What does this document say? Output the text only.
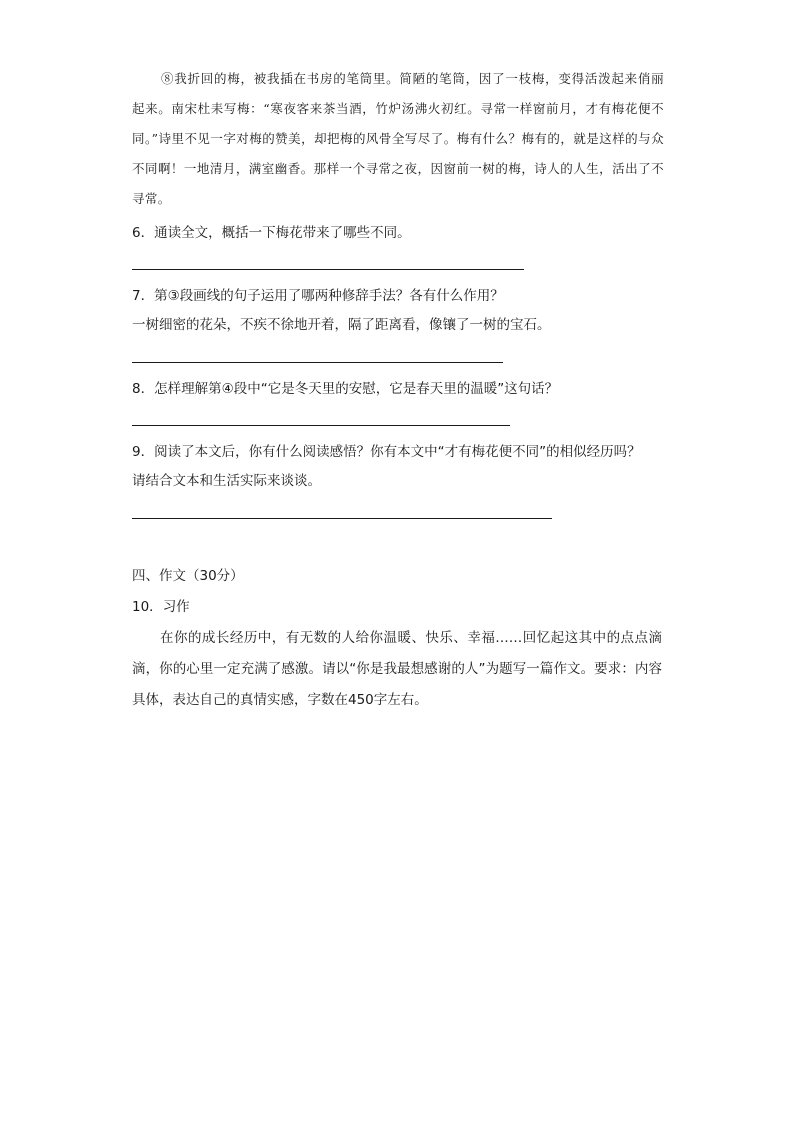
⑧我折回的梅，被我插在书房的笔筒里。简陋的笔筒，因了一枝梅，变得活泼起来俏丽起来。南宋杜耒写梅：“寒夜客来茶当酒，竹炉汤沸火初红。寻常一样窗前月，才有梅花便不同。”诗里不见一字对梅的赞美，却把梅的风骨全写尽了。梅有什么？梅有的，就是这样的与众不同啊！一地清月，满室幽香。那样一个寻常之夜，因窗前一树的梅，诗人的人生，活出了不寻常。

6．通读全文，概括一下梅花带来了哪些不同。

7．第③段画线的句子运用了哪两种修辞手法？各有什么作用？

一树细密的花朵，不疾不徐地开着，隔了距离看，像镶了一树的宝石。

8．怎样理解第④段中“它是冬天里的安慰，它是春天里的温暖”这句话？

9．阅读了本文后，你有什么阅读感悟？你有本文中“才有梅花便不同”的相似经历吗？

请结合文本和生活实际来谈谈。

四、作文（30分）

10．习作

在你的成长经历中，有无数的人给你温暖、快乐、幸福……回忆起这其中的点点滴滴，你的心里一定充满了感激。请以“你是我最想感谢的人”为题写一篇作文。要求：内容具体，表达自己的真情实感，字数在450字左右。
